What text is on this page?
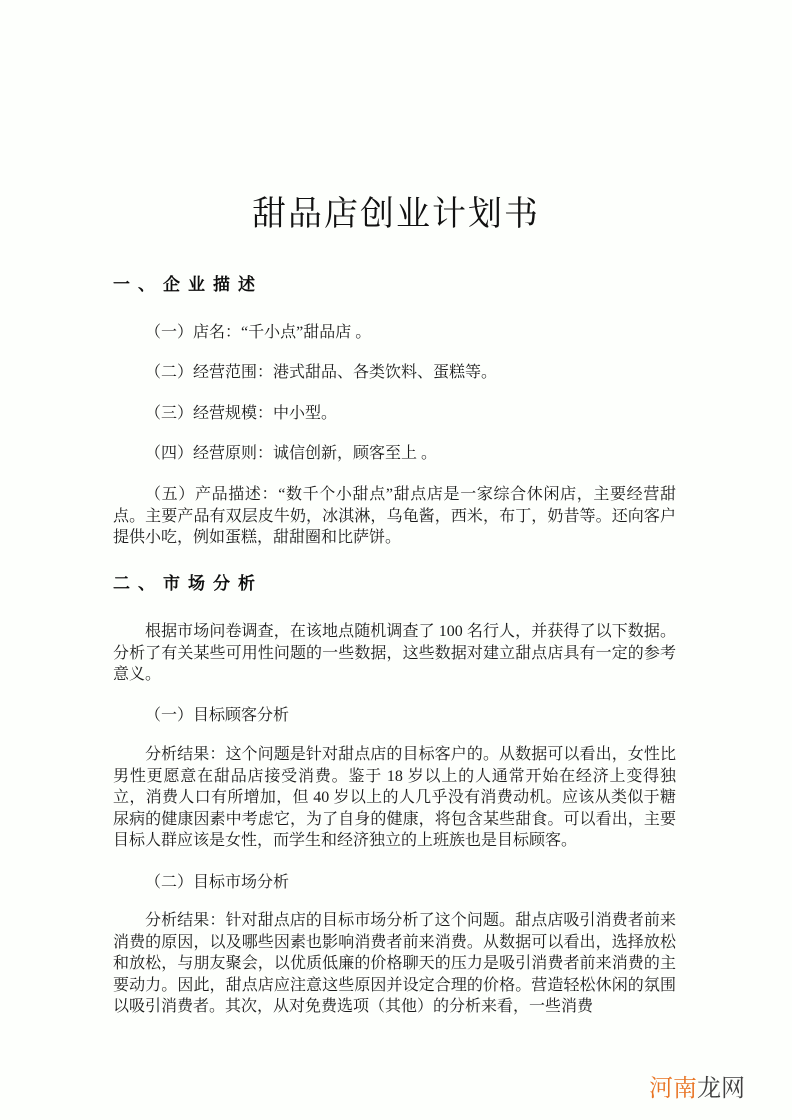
甜品店创业计划书
一、企业描述
（一）店名：“千小点”甜品店 。
（二）经营范围：港式甜品、各类饮料、蛋糕等。
（三）经营规模：中小型。
（四）经营原则：诚信创新，顾客至上 。
（五）产品描述：“数千个小甜点”甜点店是一家综合休闲店，主要经营甜点。主要产品有双层皮牛奶，冰淇淋，乌龟酱，西米，布丁，奶昔等。还向客户提供小吃，例如蛋糕，甜甜圈和比萨饼。
二、市场分析
根据市场问卷调查，在该地点随机调查了 100 名行人，并获得了以下数据。分析了有关某些可用性问题的一些数据，这些数据对建立甜点店具有一定的参考意义。
（一）目标顾客分析
分析结果：这个问题是针对甜点店的目标客户的。从数据可以看出，女性比男性更愿意在甜品店接受消费。鉴于 18 岁以上的人通常开始在经济上变得独立，消费人口有所增加，但 40 岁以上的人几乎没有消费动机。应该从类似于糖尿病的健康因素中考虑它，为了自身的健康，将包含某些甜食。可以看出，主要目标人群应该是女性，而学生和经济独立的上班族也是目标顾客。
（二）目标市场分析
分析结果：针对甜点店的目标市场分析了这个问题。甜点店吸引消费者前来消费的原因，以及哪些因素也影响消费者前来消费。从数据可以看出，选择放松和放松，与朋友聚会，以优质低廉的价格聊天的压力是吸引消费者前来消费的主要动力。因此，甜点店应注意这些原因并设定合理的价格。营造轻松休闲的氛围以吸引消费者。其次，从对免费选项（其他）的分析来看，一些消费
河南龙网
